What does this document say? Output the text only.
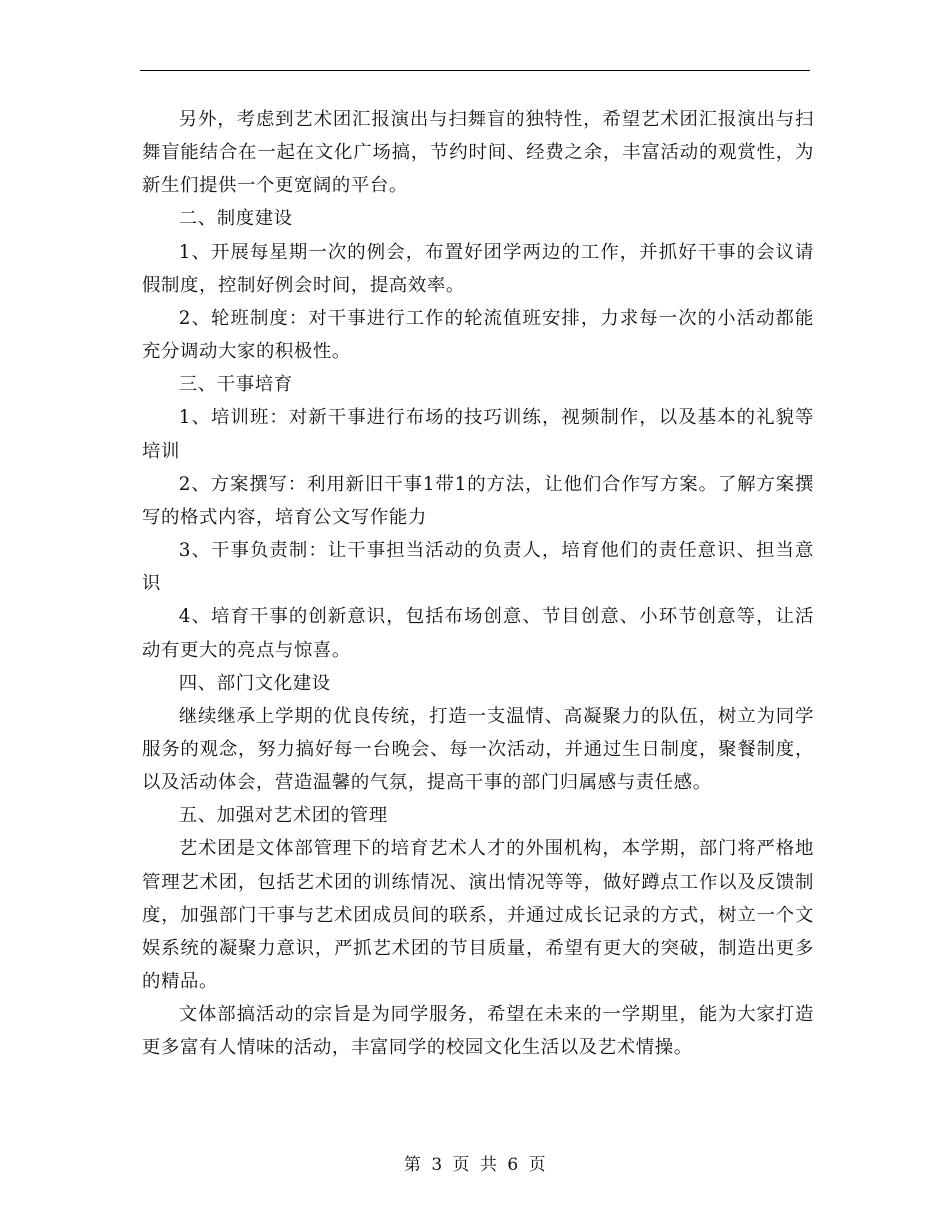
另外，考虑到艺术团汇报演出与扫舞盲的独特性，希望艺术团汇报演出与扫舞盲能结合在一起在文化广场搞，节约时间、经费之余，丰富活动的观赏性，为新生们提供一个更宽阔的平台。

二、制度建设

1、开展每星期一次的例会，布置好团学两边的工作，并抓好干事的会议请假制度，控制好例会时间，提高效率。

2、轮班制度：对干事进行工作的轮流值班安排，力求每一次的小活动都能充分调动大家的积极性。

三、干事培育

1、培训班：对新干事进行布场的技巧训练，视频制作，以及基本的礼貌等培训

2、方案撰写：利用新旧干事1带1的方法，让他们合作写方案。了解方案撰写的格式内容，培育公文写作能力

3、干事负责制：让干事担当活动的负责人，培育他们的责任意识、担当意识

4、培育干事的创新意识，包括布场创意、节目创意、小环节创意等，让活动有更大的亮点与惊喜。

四、部门文化建设

继续继承上学期的优良传统，打造一支温情、高凝聚力的队伍，树立为同学服务的观念，努力搞好每一台晚会、每一次活动，并通过生日制度，聚餐制度，以及活动体会，营造温馨的气氛，提高干事的部门归属感与责任感。

五、加强对艺术团的管理

艺术团是文体部管理下的培育艺术人才的外围机构，本学期，部门将严格地管理艺术团，包括艺术团的训练情况、演出情况等等，做好蹲点工作以及反馈制度，加强部门干事与艺术团成员间的联系，并通过成长记录的方式，树立一个文娱系统的凝聚力意识，严抓艺术团的节目质量，希望有更大的突破，制造出更多的精品。

文体部搞活动的宗旨是为同学服务，希望在未来的一学期里，能为大家打造更多富有人情味的活动，丰富同学的校园文化生活以及艺术情操。

第 3 页 共 6 页
